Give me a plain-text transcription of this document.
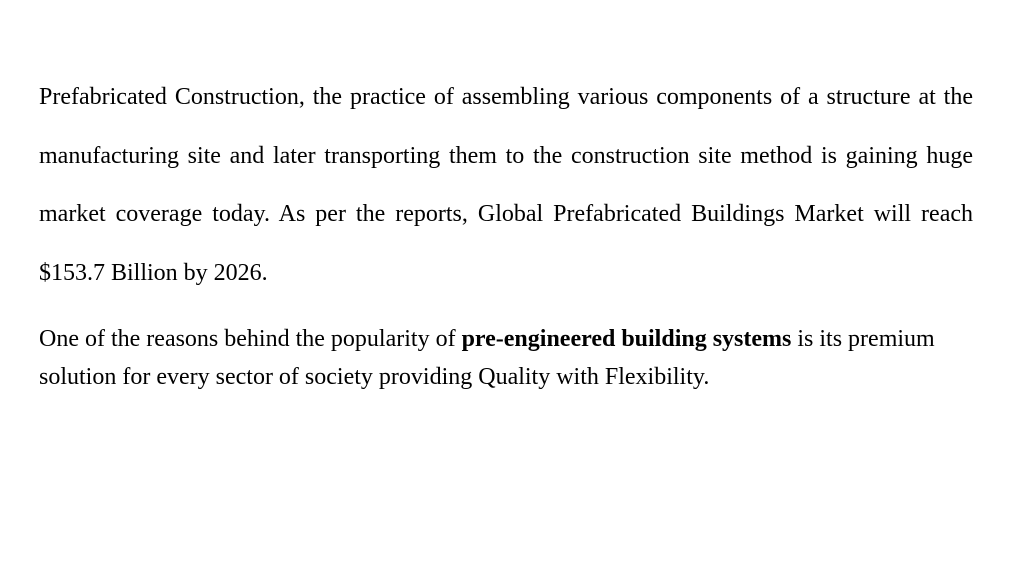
Prefabricated Construction, the practice of assembling various components of a structure at the manufacturing site and later transporting them to the construction site method is gaining huge market coverage today. As per the reports, Global Prefabricated Buildings Market will reach $153.7 Billion by 2026.

One of the reasons behind the popularity of pre-engineered building systems is its premium solution for every sector of society providing Quality with Flexibility.
